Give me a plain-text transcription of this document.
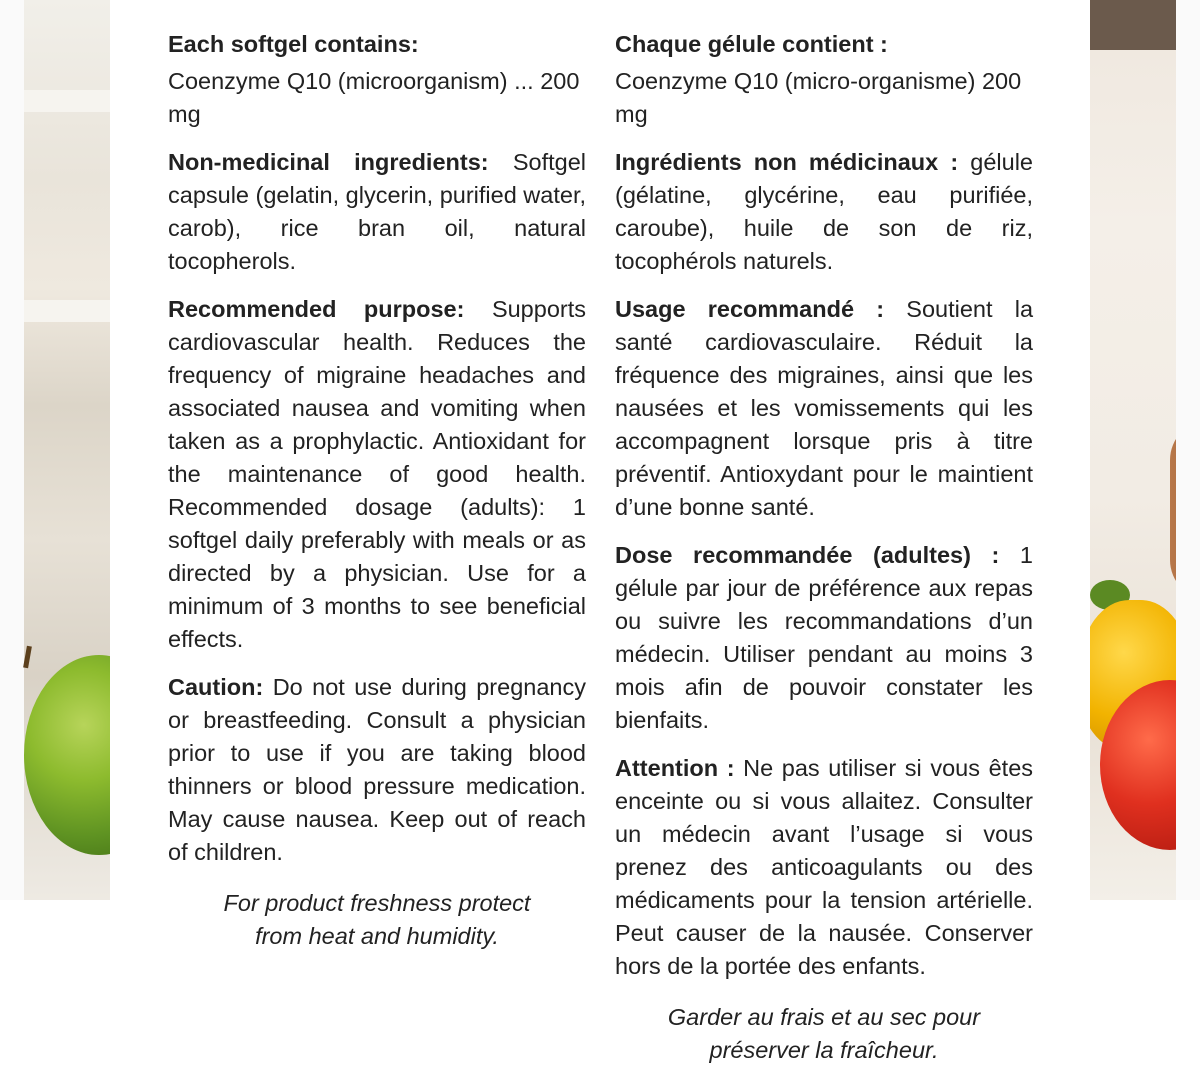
Each softgel contains:

Coenzyme Q10 (microorganism) ... 200 mg

Non-medicinal ingredients: Softgel capsule (gelatin, glycerin, purified water, carob), rice bran oil, natural tocopherols.

Recommended purpose: Supports cardiovascular health. Reduces the frequency of migraine headaches and associated nausea and vomiting when taken as a prophylactic. Antioxidant for the maintenance of good health. Recommended dosage (adults): 1 softgel daily preferably with meals or as directed by a physician. Use for a minimum of 3 months to see beneficial effects.

Caution: Do not use during pregnancy or breastfeeding. Consult a physician prior to use if you are taking blood thinners or blood pressure medication. May cause nausea. Keep out of reach of children.

For product freshness protect
from heat and humidity.

Chaque gélule contient :

Coenzyme Q10 (micro-organisme) 200 mg

Ingrédients non médicinaux : gélule (gélatine, glycérine, eau purifiée, caroube), huile de son de riz, tocophérols naturels.

Usage recommandé : Soutient la santé cardiovasculaire. Réduit la fréquence des migraines, ainsi que les nausées et les vomissements qui les accompagnent lorsque pris à titre préventif. Antioxydant pour le maintient d’une bonne santé.

Dose recommandée (adultes) : 1 gélule par jour de préférence aux repas ou suivre les recommandations d’un médecin. Utiliser pendant au moins 3 mois afin de pouvoir constater les bienfaits.

Attention : Ne pas utiliser si vous êtes enceinte ou si vous allaitez. Consulter un médecin avant l’usage si vous prenez des anticoagulants ou des médicaments pour la tension artérielle. Peut causer de la nausée. Conserver hors de la portée des enfants.

Garder au frais et au sec pour
préserver la fraîcheur.
